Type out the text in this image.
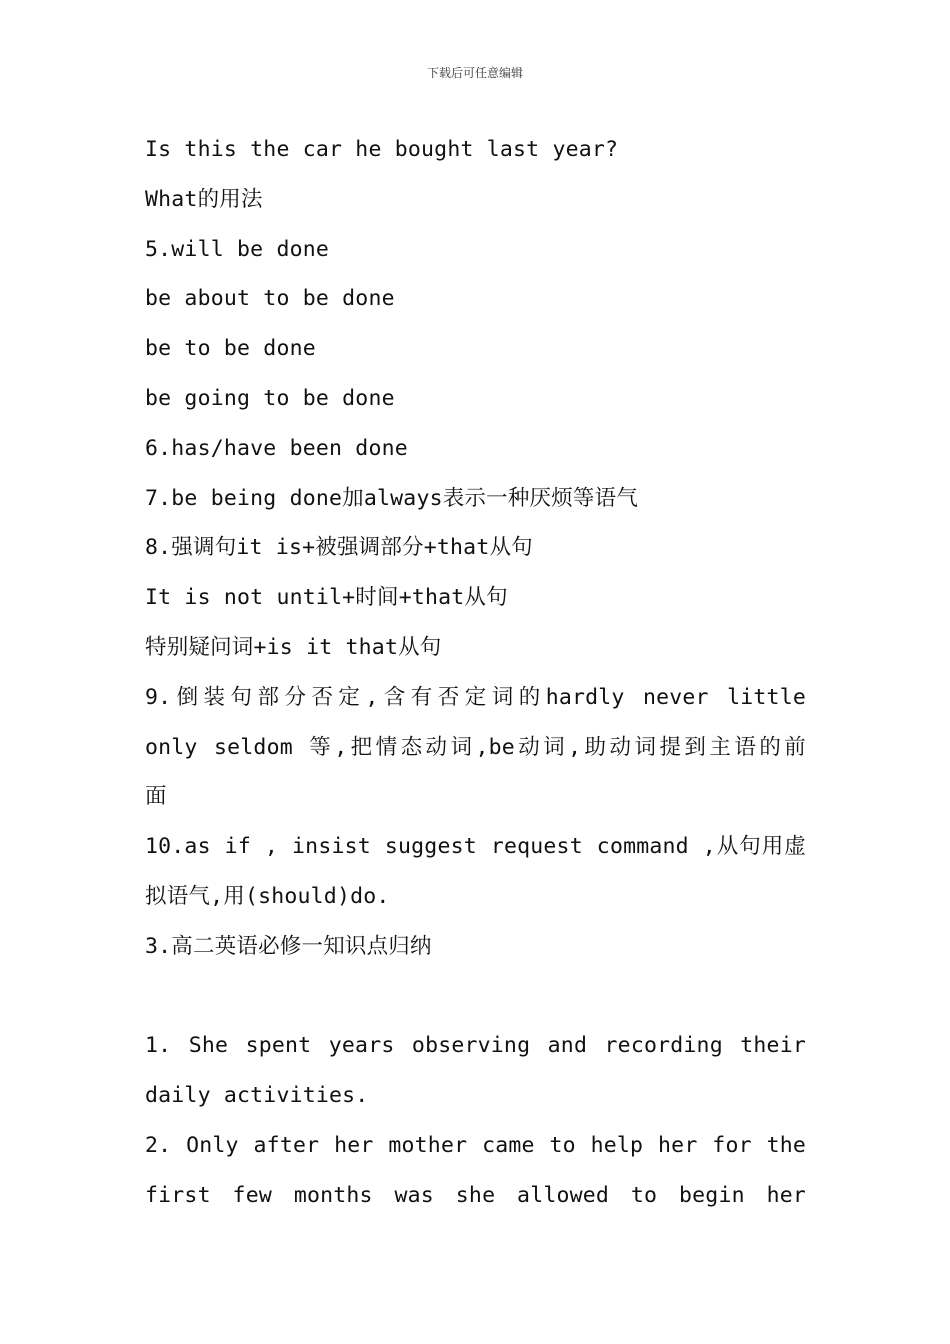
下载后可任意编辑
Is this the car he bought last year?
What的用法
5.will be done
be about to be done
be to be done
be going to be done
6.has/have been done
7.be being done加always表示一种厌烦等语气
8.强调句it is+被强调部分+that从句
It is not until+时间+that从句
特别疑问词+is it that从句
9.倒装句部分否定,含有否定词的hardly never little
only seldom 等,把情态动词,be动词,助动词提到主语的前
面
10.as if , insist suggest request command ,从句用虚
拟语气,用(should)do.
3.高二英语必修一知识点归纳
1. She spent years observing and recording their
daily activities.
2. Only after her mother came to help her for the
first few months was she allowed to begin her
